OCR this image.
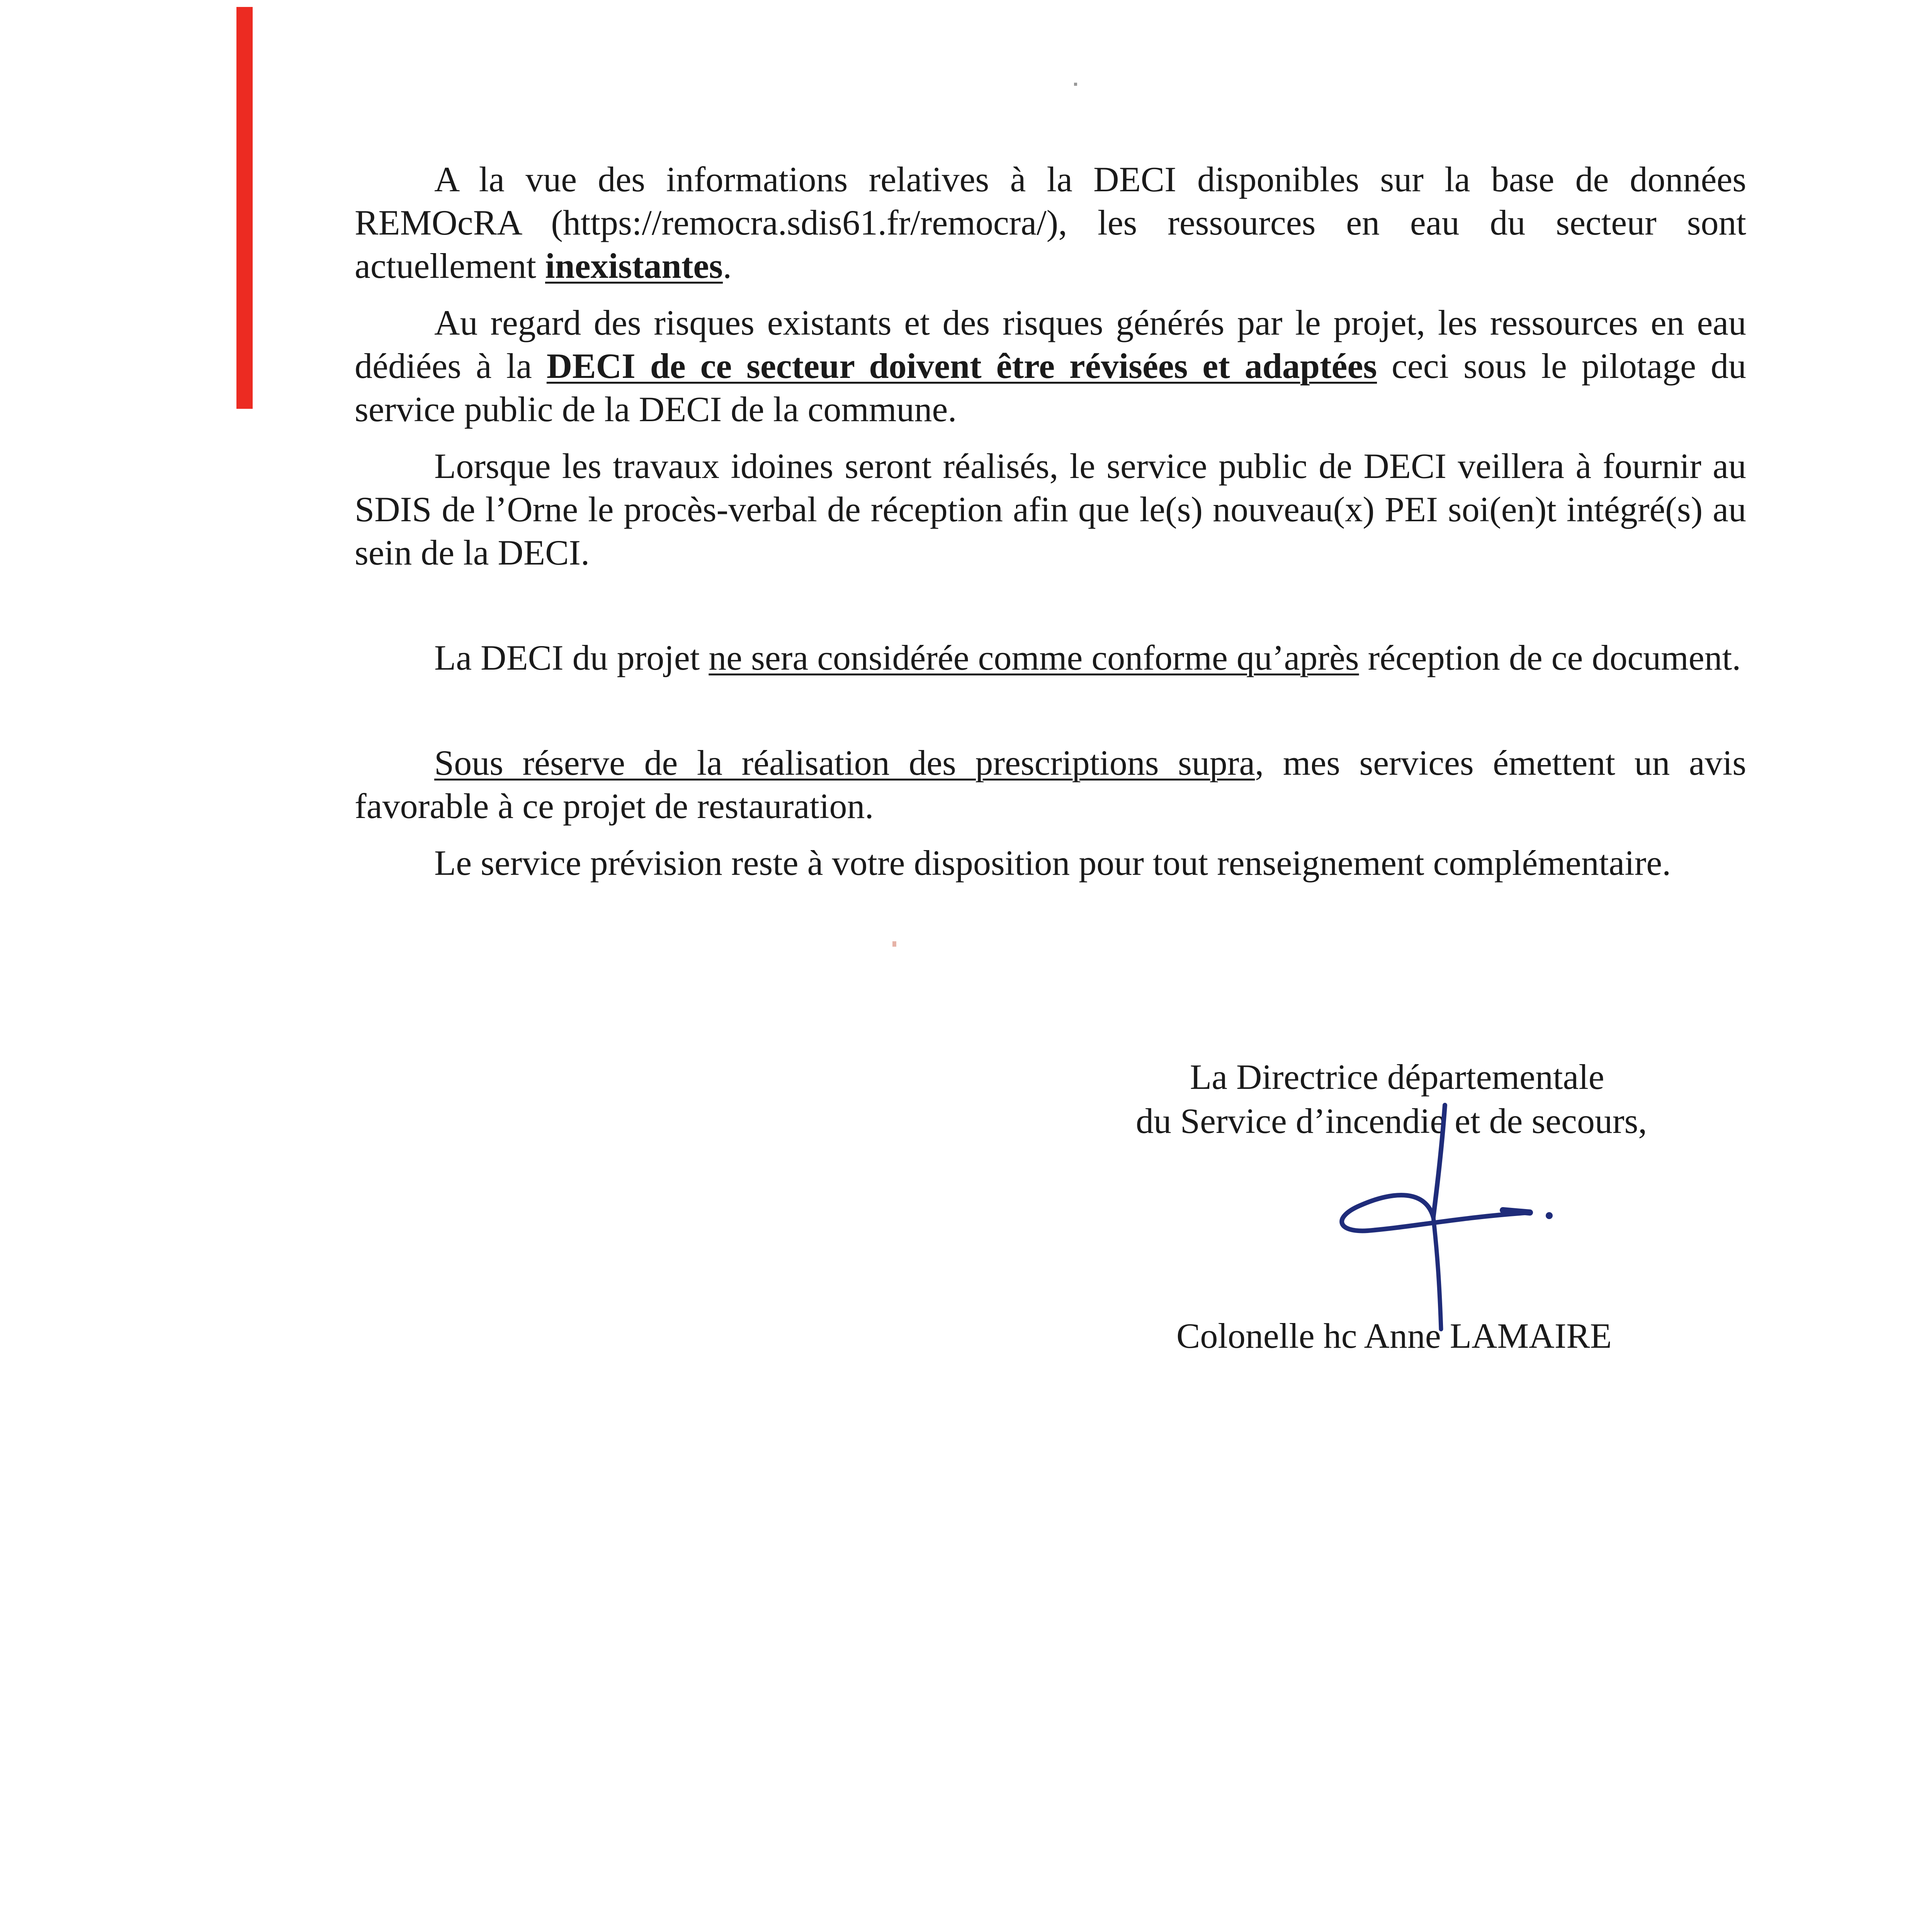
A la vue des informations relatives à la DECI disponibles sur la base de données REMOcRA (https://remocra.sdis61.fr/remocra/), les ressources en eau du secteur sont actuellement inexistantes.

Au regard des risques existants et des risques générés par le projet, les ressources en eau dédiées à la DECI de ce secteur doivent être révisées et adaptées ceci sous le pilotage du service public de la DECI de la commune.

Lorsque les travaux idoines seront réalisés, le service public de DECI veillera à fournir au SDIS de l’Orne le procès-verbal de réception afin que le(s) nouveau(x) PEI soi(en)t intégré(s) au sein de la DECI.

La DECI du projet ne sera considérée comme conforme qu’après réception de ce document.

Sous réserve de la réalisation des prescriptions supra, mes services émettent un avis favorable à ce projet de restauration.

Le service prévision reste à votre disposition pour tout renseignement complémentaire.

La Directrice départementale
du Service d’incendie et de secours,
Colonelle hc Anne LAMAIRE
